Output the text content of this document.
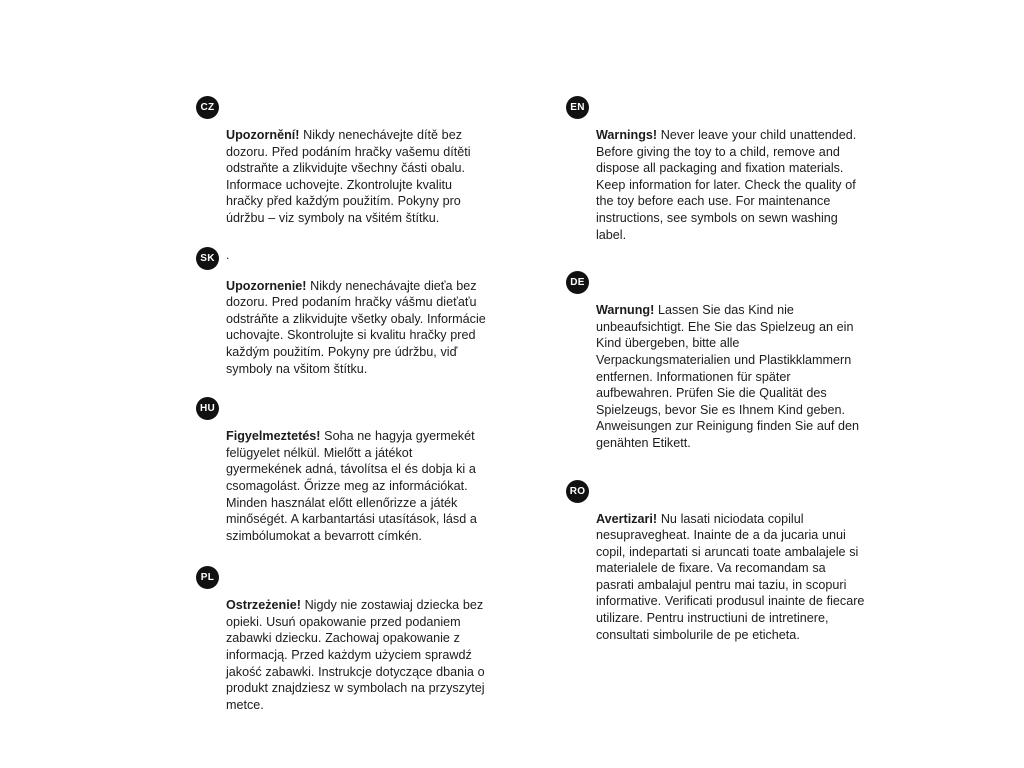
CZ
Upozornění! Nikdy nenechávejte dítě bez dozoru. Před podáním hračky vašemu dítěti odstraňte a zlikvidujte všechny části obalu. Informace uchovejte. Zkontrolujte kvalitu hračky před každým použitím. Pokyny pro údržbu – viz symboly na všitém štítku.
SK .
Upozornenie! Nikdy nenechávajte dieťa bez dozoru. Pred podaním hračky vášmu dieťaťu odstráňte a zlikvidujte všetky obaly. Informácie uchovajte. Skontrolujte si kvalitu hračky pred každým použitím. Pokyny pre údržbu, viď symboly na všitom štítku.
HU
Figyelmeztetés! Soha ne hagyja gyermekét felügyelet nélkül. Mielőtt a játékot gyermekének adná, távolítsa el és dobja ki a csomagolást. Őrizze meg az információkat. Minden használat előtt ellenőrizze a játék minőségét. A karbantartási utasítások, lásd a szimbólumokat a bevarrott címkén.
PL
Ostrzeżenie! Nigdy nie zostawiaj dziecka bez opieki. Usuń opakowanie przed podaniem zabawki dziecku. Zachowaj opakowanie z informacją. Przed każdym użyciem sprawdź jakość zabawki. Instrukcje dotyczące dbania o produkt znajdziesz w symbolach na przyszytej metce.
EN
Warnings! Never leave your child unattended. Before giving the toy to a child, remove and dispose all packaging and fixation materials. Keep information for later. Check the quality of the toy before each use. For maintenance instructions, see symbols on sewn washing label.
DE
Warnung! Lassen Sie das Kind nie unbeaufsichtigt. Ehe Sie das Spielzeug an ein Kind übergeben, bitte alle Verpackungsmaterialien und Plastikklammern entfernen. Informationen für später aufbewahren. Prüfen Sie die Qualität des Spielzeugs, bevor Sie es Ihnem Kind geben. Anweisungen zur Reinigung finden Sie auf den genähten Etikett.
RO
Avertizari! Nu lasati niciodata copilul nesupravegheat. Inainte de a da jucaria unui copil, indepartati si aruncati toate ambalajele si materialele de fixare. Va recomandam sa pasrati ambalajul pentru mai taziu, in scopuri informative. Verificati produsul inainte de fiecare utilizare. Pentru instructiuni de intretinere, consultati simbolurile de pe eticheta.
